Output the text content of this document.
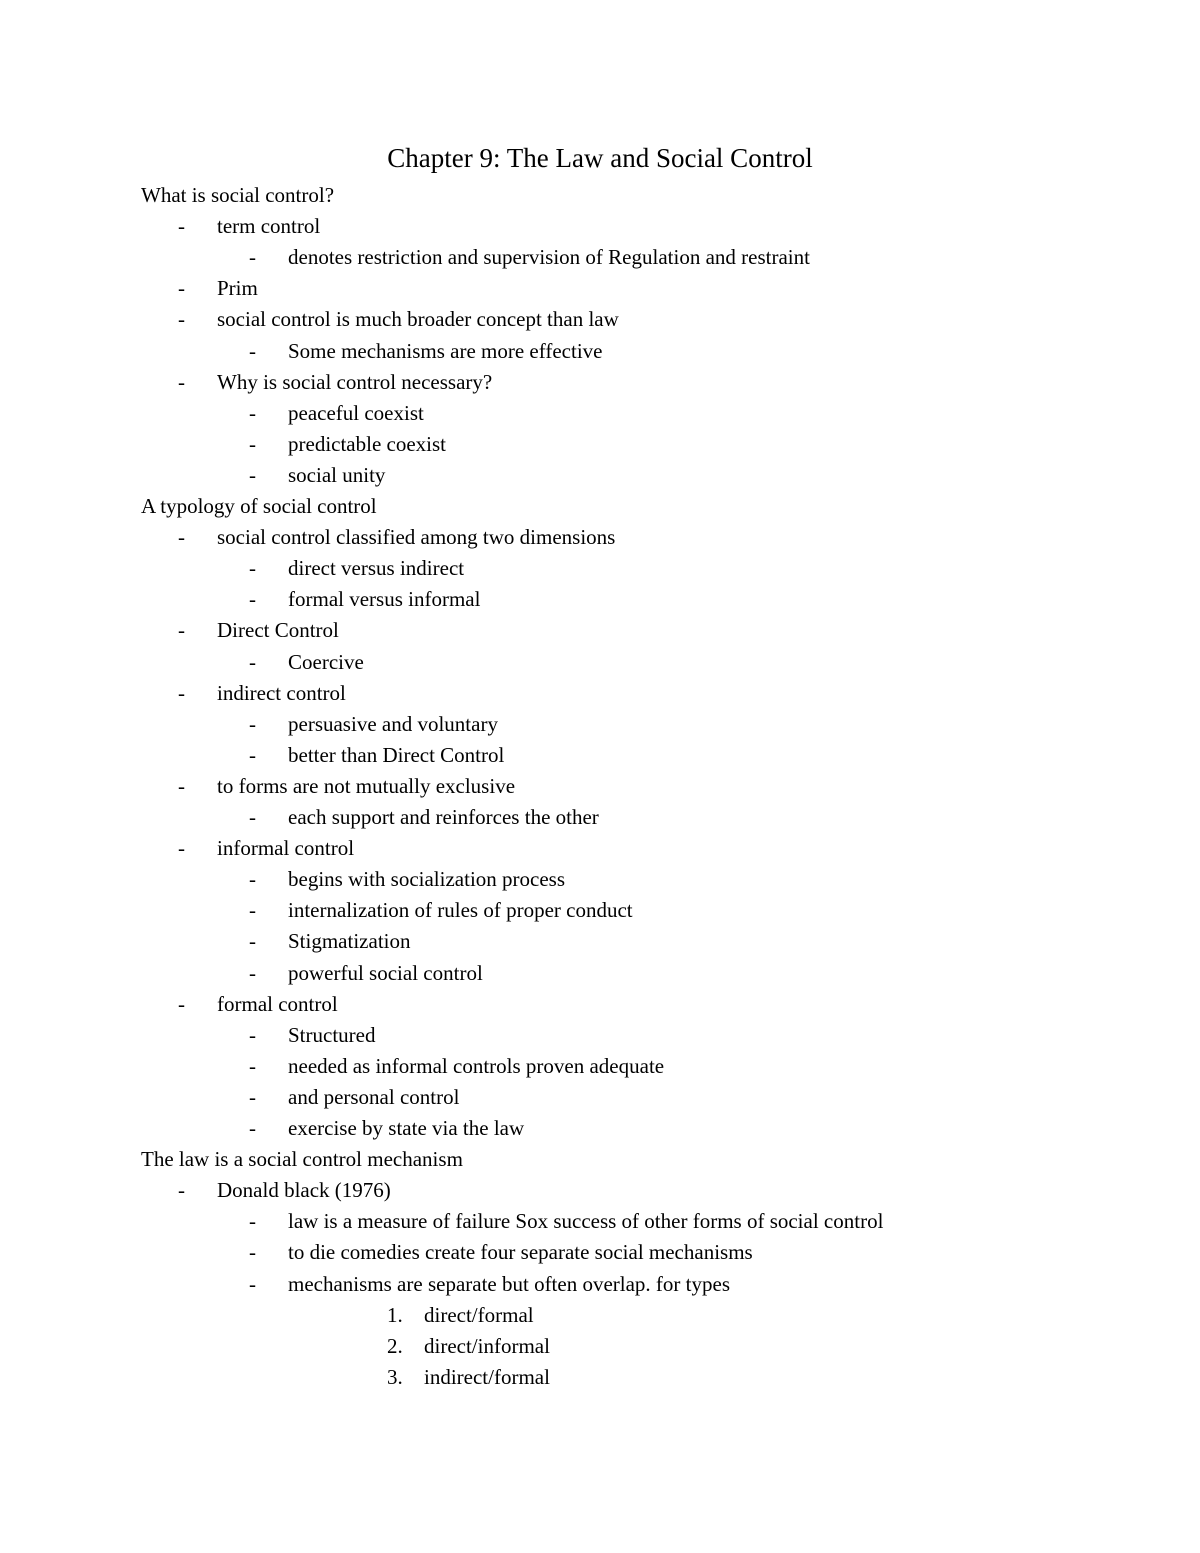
Chapter 9: The Law and Social Control
What is social control?
term control
-
denotes restriction and supervision of Regulation and restraint
-
Prim
-
social control is much broader concept than law
-
Some mechanisms are more effective
-
Why is social control necessary?
-
peaceful coexist
-
predictable coexist
-
social unity
-
A typology of social control
social control classified among two dimensions
-
direct versus indirect
-
formal versus informal
-
Direct Control
-
Coercive
-
indirect control
-
persuasive and voluntary
-
better than Direct Control
-
to forms are not mutually exclusive
-
each support and reinforces the other
-
informal control
-
begins with socialization process
-
internalization of rules of proper conduct
-
Stigmatization
-
powerful social control
-
formal control
-
Structured
-
needed as informal controls proven adequate
-
and personal control
-
exercise by state via the law
-
The law is a social control mechanism
Donald black (1976)
-
law is a measure of failure Sox success of other forms of social control
-
to die comedies create four separate social mechanisms
-
mechanisms are separate but often overlap. for types
-
direct/formal
1.
direct/informal
2.
indirect/formal
3.
